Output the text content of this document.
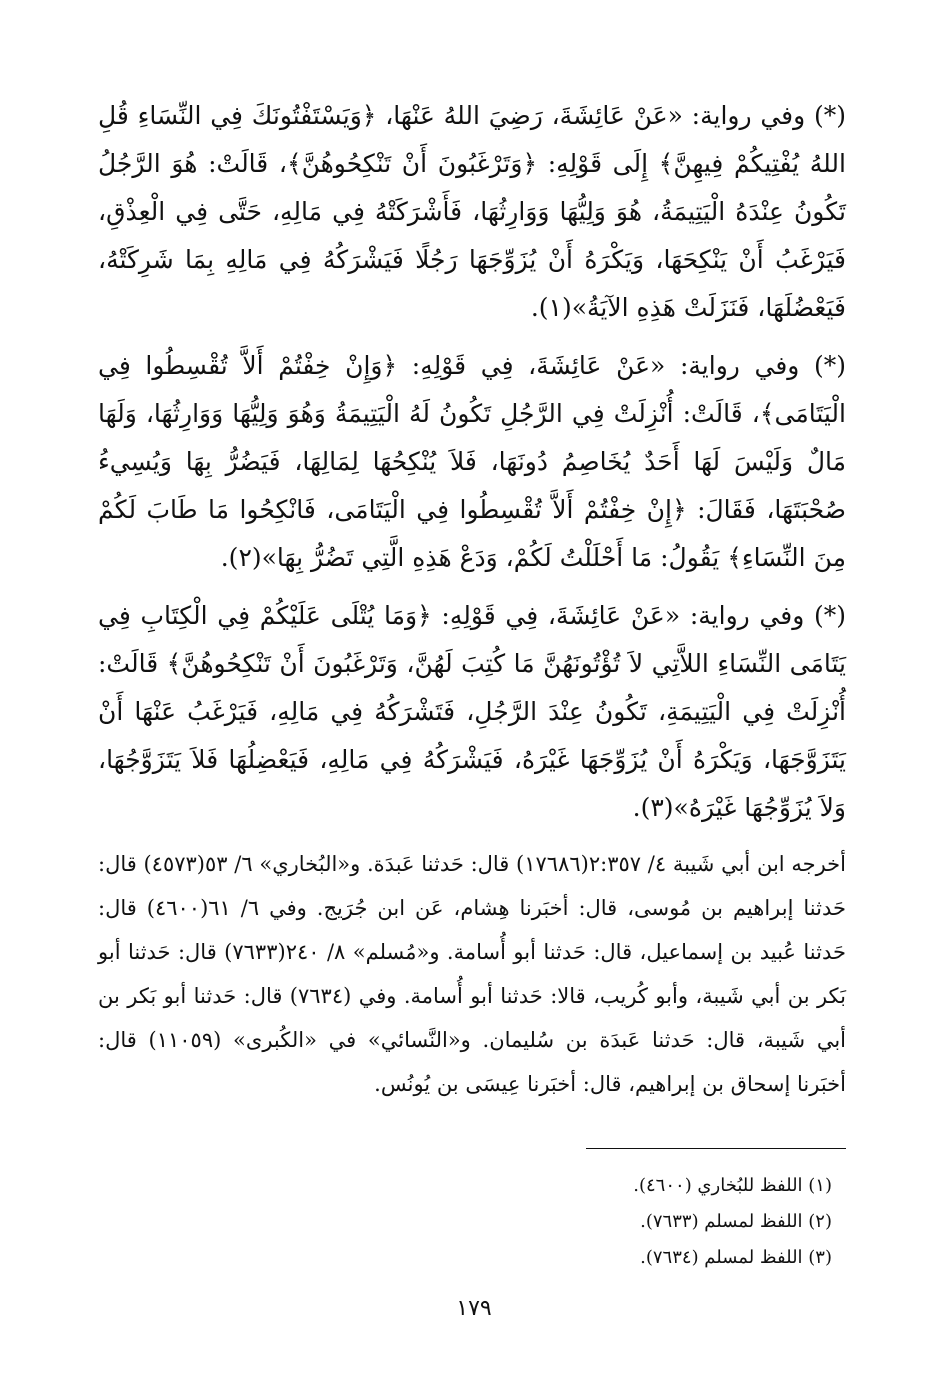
(*) وفي رواية: «عَنْ عَائِشَةَ، رَضِيَ اللهُ عَنْهَا، ﴿وَيَسْتَفْتُونَكَ فِي النِّسَاءِ قُلِ اللهُ يُفْتِيكُمْ فِيهِنَّ﴾ إِلَى قَوْلِهِ: ﴿وَتَرْغَبُونَ أَنْ تَنْكِحُوهُنَّ﴾، قَالَتْ: هُوَ الرَّجُلُ تَكُونُ عِنْدَهُ الْيَتِيمَةُ، هُوَ وَلِيُّهَا وَوَارِثُهَا، فَأَشْرَكَتْهُ فِي مَالِهِ، حَتَّى فِي الْعِذْقِ، فَيَرْغَبُ أَنْ يَنْكِحَهَا، وَيَكْرَهُ أَنْ يُزَوِّجَهَا رَجُلًا فَيَشْرَكُهُ فِي مَالِهِ بِمَا شَرِكَتْهُ، فَيَعْضُلَهَا، فَنَزَلَتْ هَذِهِ الآيَةُ»(١).

(*) وفي رواية: «عَنْ عَائِشَةَ، فِي قَوْلِهِ: ﴿وَإِنْ خِفْتُمْ أَلاَّ تُقْسِطُوا فِي الْيَتَامَى﴾، قَالَتْ: أُنْزِلَتْ فِي الرَّجُلِ تَكُونُ لَهُ الْيَتِيمَةُ وَهُوَ وَلِيُّهَا وَوَارِثُهَا، وَلَهَا مَالٌ وَلَيْسَ لَهَا أَحَدٌ يُخَاصِمُ دُونَهَا، فَلاَ يُنْكِحُهَا لِمَالِهَا، فَيَضُرُّ بِهَا وَيُسِيءُ صُحْبَتَهَا، فَقَالَ: ﴿إِنْ خِفْتُمْ أَلاَّ تُقْسِطُوا فِي الْيَتَامَى، فَانْكِحُوا مَا طَابَ لَكُمْ مِنَ النِّسَاءِ﴾ يَقُولُ: مَا أَحْلَلْتُ لَكُمْ، وَدَعْ هَذِهِ الَّتِي تَضُرُّ بِهَا»(٢).

(*) وفي رواية: «عَنْ عَائِشَةَ، فِي قَوْلِهِ: ﴿وَمَا يُتْلَى عَلَيْكُمْ فِي الْكِتَابِ فِي يَتَامَى النِّسَاءِ اللاَّتِي لاَ تُؤْتُونَهُنَّ مَا كُتِبَ لَهُنَّ، وَتَرْغَبُونَ أَنْ تَنْكِحُوهُنَّ﴾ قَالَتْ: أُنْزِلَتْ فِي الْيَتِيمَةِ، تَكُونُ عِنْدَ الرَّجُلِ، فَتَشْرَكُهُ فِي مَالِهِ، فَيَرْغَبُ عَنْهَا أَنْ يَتَزَوَّجَهَا، وَيَكْرَهُ أَنْ يُزَوِّجَهَا غَيْرَهُ، فَيَشْرَكُهُ فِي مَالِهِ، فَيَعْضِلُهَا فَلاَ يَتَزَوَّجُهَا، وَلاَ يُزَوِّجُهَا غَيْرَهُ»(٣).

أخرجه ابن أبي شَيبة ٤/ ٢:٣٥٧(١٧٦٨٦) قال: حَدثنا عَبدَة. و«البُخاري» ٦/ ٥٣(٤٥٧٣) قال: حَدثنا إبراهيم بن مُوسى، قال: أخبَرنا هِشام، عَن ابن جُرَيج. وفي ٦/ ٦١(٤٦٠٠) قال: حَدثنا عُبيد بن إسماعيل، قال: حَدثنا أبو أُسامة. و«مُسلم» ٨/ ٢٤٠(٧٦٣٣) قال: حَدثنا أبو بَكر بن أبي شَيبة، وأبو كُريب، قالا: حَدثنا أبو أُسامة. وفي (٧٦٣٤) قال: حَدثنا أبو بَكر بن أبي شَيبة، قال: حَدثنا عَبدَة بن سُليمان. و«النَّسائي» في «الكُبرى» (١١٠٥٩) قال: أخبَرنا إسحاق بن إبراهيم، قال: أخبَرنا عِيسَى بن يُونُس.

(١) اللفظ للبُخاري (٤٦٠٠).
(٢) اللفظ لمسلم (٧٦٣٣).
(٣) اللفظ لمسلم (٧٦٣٤).
١٧٩
